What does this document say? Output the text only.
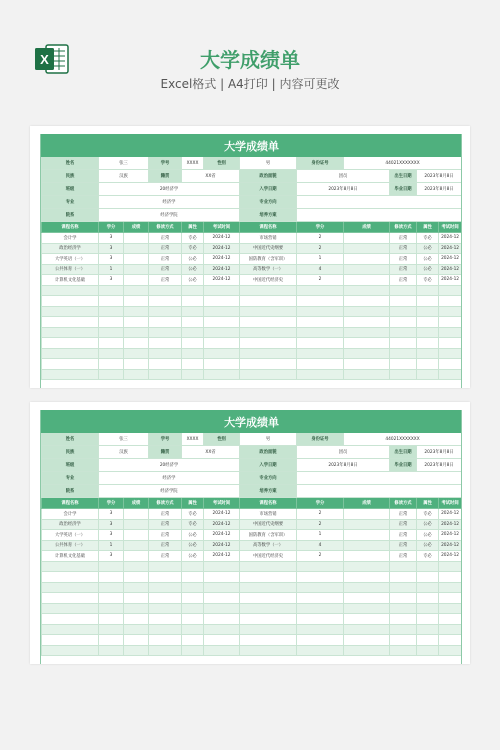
X	大学成绩单
Excel格式 | A4打印 | 内容可更改
大学成绩单											
姓名	张三		学号	XXXX	性别	男	身份证号	44021XXXXXXX			
民族	汉族		籍贯	XX省		政治面貌	团员		出生日期	2023年8月8日	
班级	20经济学					入学日期	2023年8月8日		毕业日期	2023年8月8日	
专业	经济学					专业方向					
院系	经济学院					培养方案					
课程名称	学分	成绩	修读方式	属性	考试时间	课程名称	学分	成绩	修读方式	属性	考试时间
会计学	3		正常	专必	2024-12	市场营销	2		正常	专必	2024-12
政治经济学	3		正常	专必	2024-12	中国近代史纲要	2		正常	公必	2024-12
大学英语（一）	3		正常	公必	2024-12	国防教育（含军训）	1		正常	公必	2024-12
公共体育（一）	1		正常	公必	2024-12	高等数学（一）	4		正常	公必	2024-12
计算机文化基础	3		正常	公必	2024-12	中国近代经济史	2		正常	专必	2024-12

大学成绩单											
姓名	张三		学号	XXXX	性别	男	身份证号	44021XXXXXXX			
民族	汉族		籍贯	XX省		政治面貌	团员		出生日期	2023年8月8日	
班级	20经济学					入学日期	2023年8月8日		毕业日期	2023年8月8日	
专业	经济学					专业方向					
院系	经济学院					培养方案					
课程名称	学分	成绩	修读方式	属性	考试时间	课程名称	学分	成绩	修读方式	属性	考试时间
会计学	3		正常	专必	2024-12	市场营销	2		正常	专必	2024-12
政治经济学	3		正常	专必	2024-12	中国近代史纲要	2		正常	公必	2024-12
大学英语（一）	3		正常	公必	2024-12	国防教育（含军训）	1		正常	公必	2024-12
公共体育（一）	1		正常	公必	2024-12	高等数学（一）	4		正常	公必	2024-12
计算机文化基础	3		正常	公必	2024-12	中国近代经济史	2		正常	专必	2024-12
